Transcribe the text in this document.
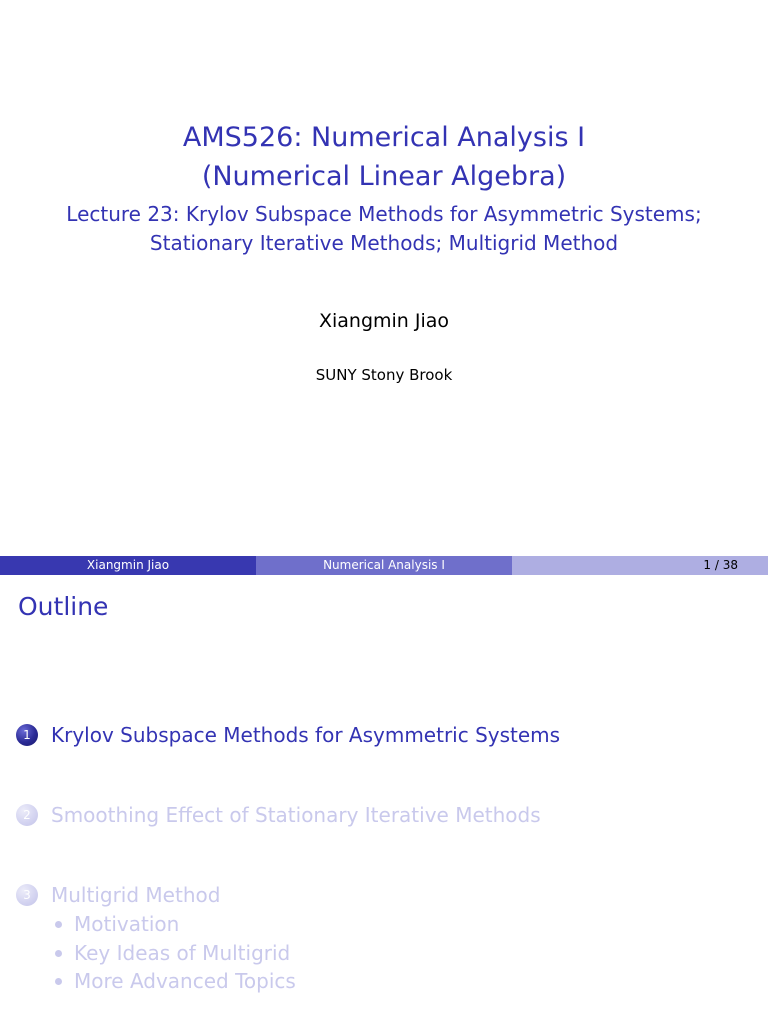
AMS526: Numerical Analysis I
(Numerical Linear Algebra)
Lecture 23: Krylov Subspace Methods for Asymmetric Systems;
Stationary Iterative Methods; Multigrid Method
Xiangmin Jiao
SUNY Stony Brook
Xiangmin Jiao	Numerical Analysis I	1 / 38
Outline
1	Krylov Subspace Methods for Asymmetric Systems
2	Smoothing Effect of Stationary Iterative Methods
3	Multigrid Method
Motivation
Key Ideas of Multigrid
More Advanced Topics
